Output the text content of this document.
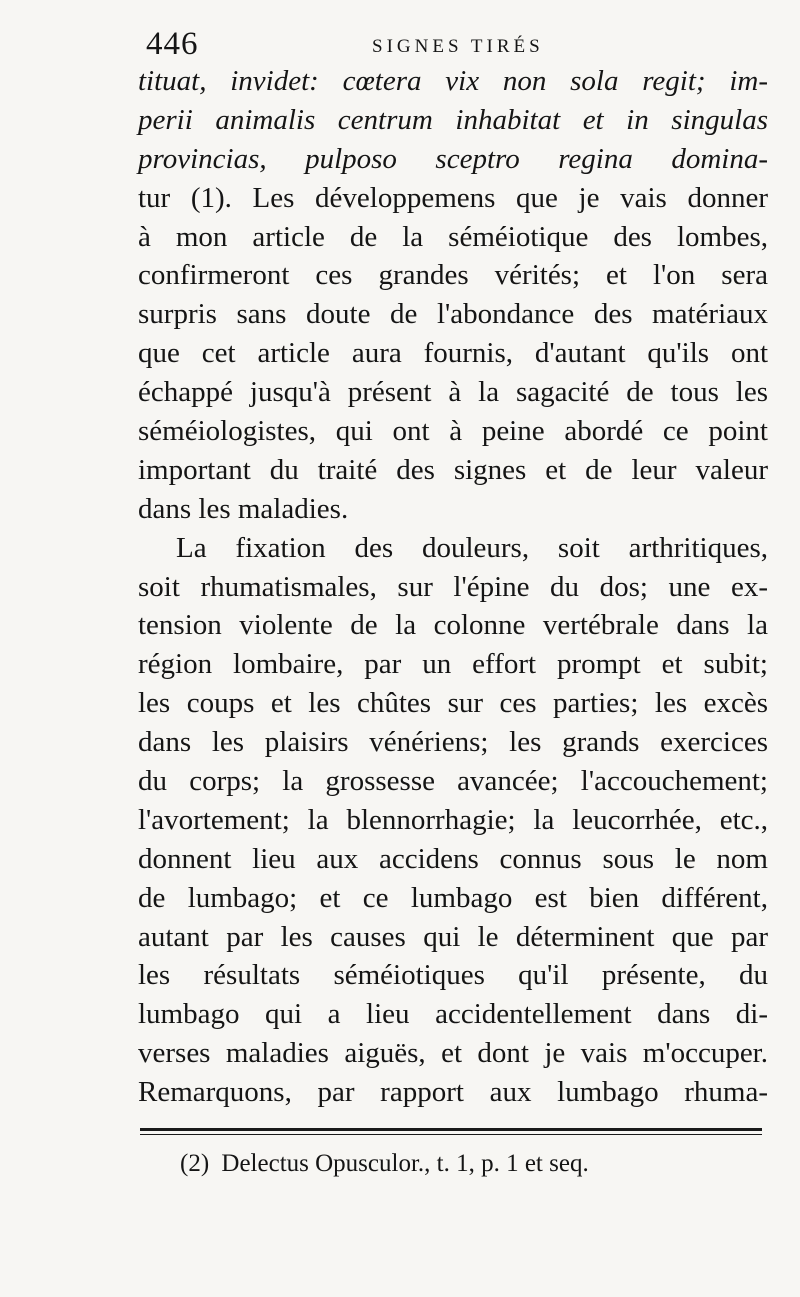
446	SIGNES TIRÉS
tituat, invidet: cœtera vix non sola regit; im-
perii animalis centrum inhabitat et in singulas
provincias, pulposo sceptro regina domina-
tur (1). Les développemens que je vais donner
à mon article de la séméiotique des lombes,
confirmeront ces grandes vérités; et l'on sera
surpris sans doute de l'abondance des matériaux
que cet article aura fournis, d'autant qu'ils ont
échappé jusqu'à présent à la sagacité de tous les
séméiologistes, qui ont à peine abordé ce point
important du traité des signes et de leur valeur
dans les maladies.
La fixation des douleurs, soit arthritiques,
soit rhumatismales, sur l'épine du dos; une ex-
tension violente de la colonne vertébrale dans la
région lombaire, par un effort prompt et subit;
les coups et les chûtes sur ces parties; les excès
dans les plaisirs vénériens; les grands exercices
du corps; la grossesse avancée; l'accouchement;
l'avortement; la blennorrhagie; la leucorrhée, etc.,
donnent lieu aux accidens connus sous le nom
de lumbago; et ce lumbago est bien différent,
autant par les causes qui le déterminent que par
les résultats séméiotiques qu'il présente, du
lumbago qui a lieu accidentellement dans di-
verses maladies aiguës, et dont je vais m'occuper.
Remarquons, par rapport aux lumbago rhuma-
(2) Delectus Opusculor., t. 1, p. 1 et seq.
